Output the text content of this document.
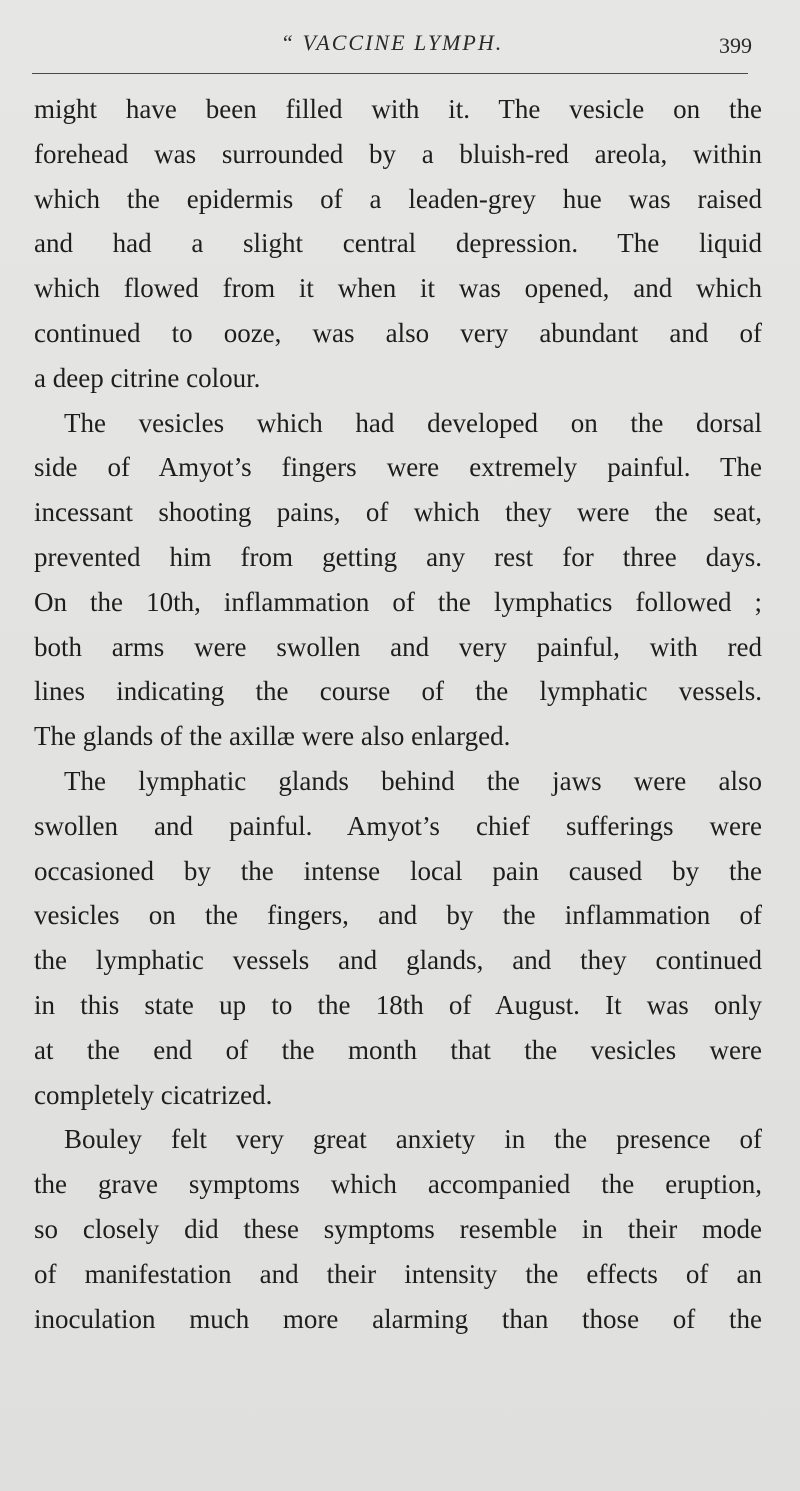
“ VACCINE LYMPH.	399
might have been filled with it. The vesicle on the
forehead was surrounded by a bluish-red areola, within
which the epidermis of a leaden-grey hue was raised
and had a slight central depression. The liquid
which flowed from it when it was opened, and which
continued to ooze, was also very abundant and of
a deep citrine colour.
The vesicles which had developed on the dorsal
side of Amyot’s fingers were extremely painful. The
incessant shooting pains, of which they were the seat,
prevented him from getting any rest for three days.
On the 10th, inflammation of the lymphatics followed ;
both arms were swollen and very painful, with red
lines indicating the course of the lymphatic vessels.
The glands of the axillæ were also enlarged.
The lymphatic glands behind the jaws were also
swollen and painful. Amyot’s chief sufferings were
occasioned by the intense local pain caused by the
vesicles on the fingers, and by the inflammation of
the lymphatic vessels and glands, and they continued
in this state up to the 18th of August. It was only
at the end of the month that the vesicles were
completely cicatrized.
Bouley felt very great anxiety in the presence of
the grave symptoms which accompanied the eruption,
so closely did these symptoms resemble in their mode
of manifestation and their intensity the effects of an
inoculation much more alarming than those of the
